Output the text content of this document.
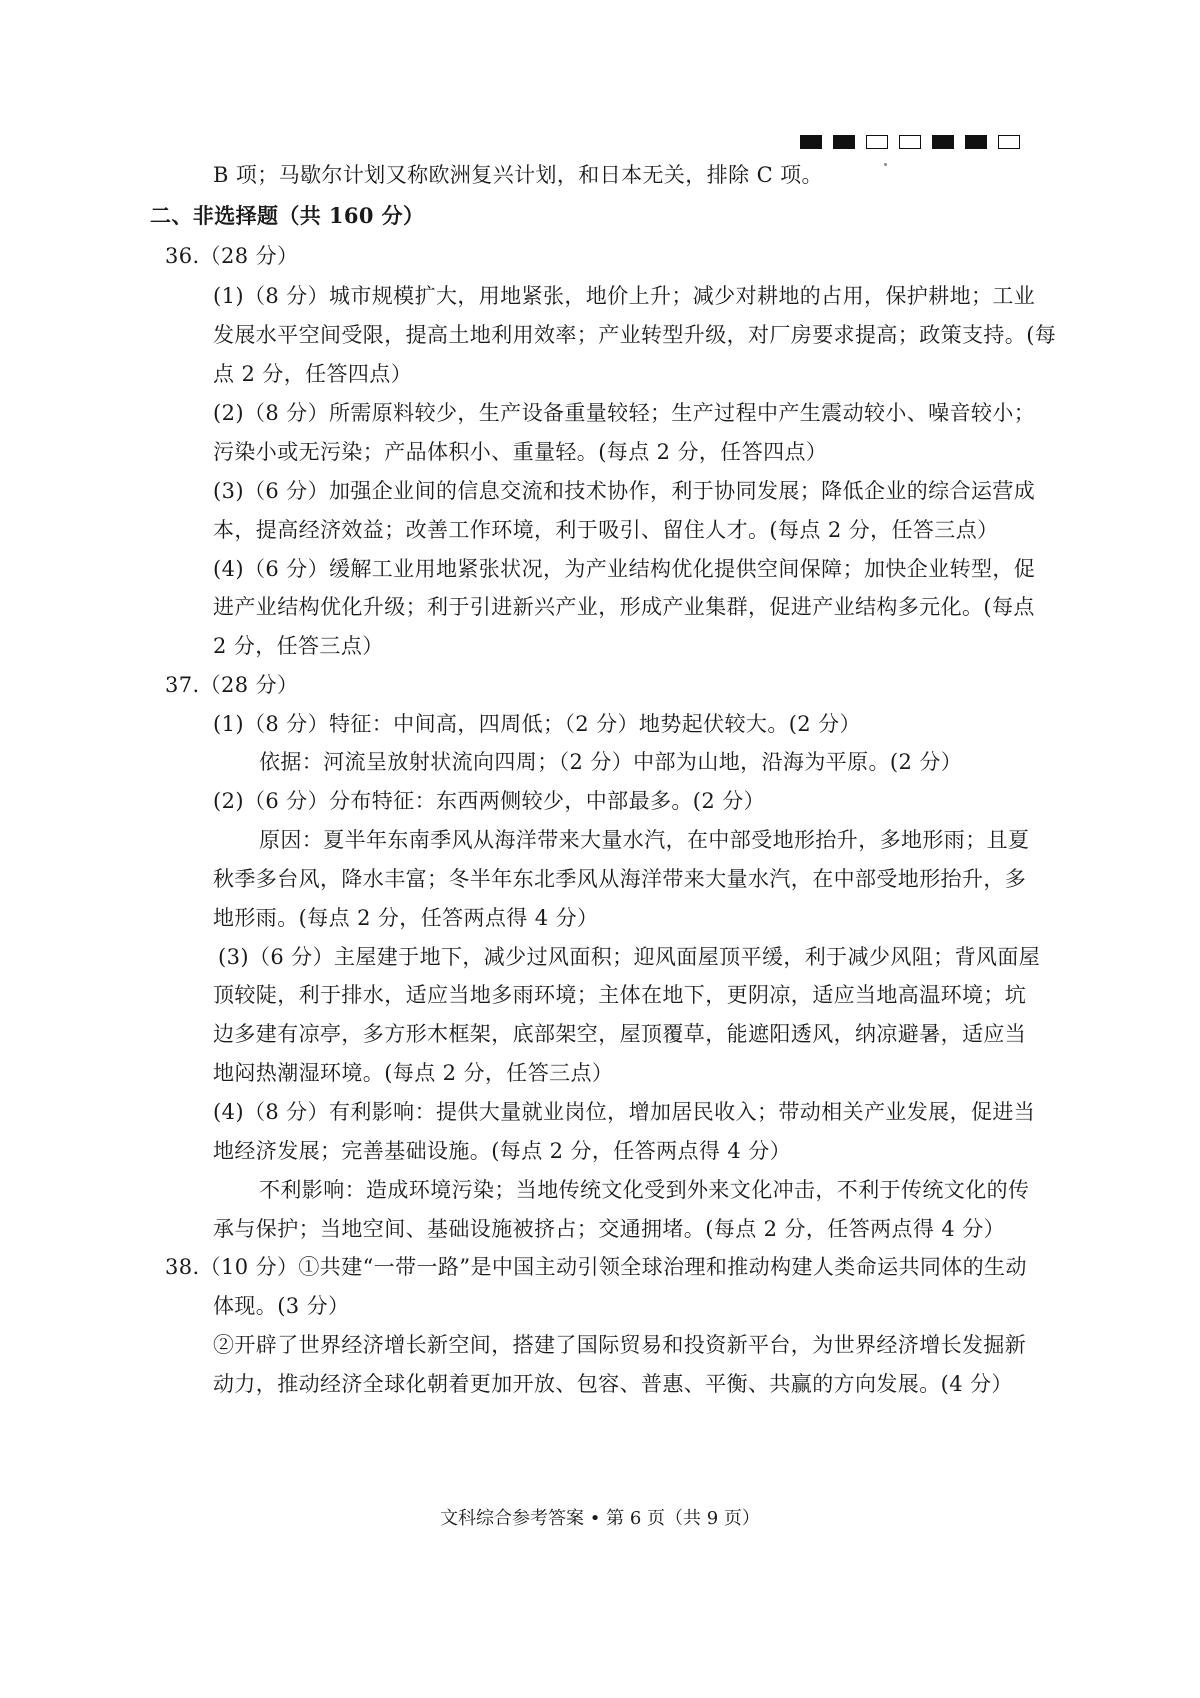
B 项；马歇尔计划又称欧洲复兴计划，和日本无关，排除 C 项。
二、非选择题（共 160 分）
36.（28 分）
(1)（8 分）城市规模扩大，用地紧张，地价上升；减少对耕地的占用，保护耕地；工业
发展水平空间受限，提高土地利用效率；产业转型升级，对厂房要求提高；政策支持。(每
点 2 分，任答四点）
(2)（8 分）所需原料较少，生产设备重量较轻；生产过程中产生震动较小、噪音较小；
污染小或无污染；产品体积小、重量轻。(每点 2 分，任答四点）
(3)（6 分）加强企业间的信息交流和技术协作，利于协同发展；降低企业的综合运营成
本，提高经济效益；改善工作环境，利于吸引、留住人才。(每点 2 分，任答三点）
(4)（6 分）缓解工业用地紧张状况，为产业结构优化提供空间保障；加快企业转型，促
进产业结构优化升级；利于引进新兴产业，形成产业集群，促进产业结构多元化。(每点
2 分，任答三点）
37.（28 分）
(1)（8 分）特征：中间高，四周低；（2 分）地势起伏较大。(2 分）
依据：河流呈放射状流向四周；（2 分）中部为山地，沿海为平原。(2 分）
(2)（6 分）分布特征：东西两侧较少，中部最多。(2 分）
原因：夏半年东南季风从海洋带来大量水汽，在中部受地形抬升，多地形雨；且夏
秋季多台风，降水丰富；冬半年东北季风从海洋带来大量水汽，在中部受地形抬升，多
地形雨。(每点 2 分，任答两点得 4 分）
(3)（6 分）主屋建于地下，减少过风面积；迎风面屋顶平缓，利于减少风阻；背风面屋
顶较陡，利于排水，适应当地多雨环境；主体在地下，更阴凉，适应当地高温环境；坑
边多建有凉亭，多方形木框架，底部架空，屋顶覆草，能遮阳透风，纳凉避暑，适应当
地闷热潮湿环境。(每点 2 分，任答三点）
(4)（8 分）有利影响：提供大量就业岗位，增加居民收入；带动相关产业发展，促进当
地经济发展；完善基础设施。(每点 2 分，任答两点得 4 分）
不利影响：造成环境污染；当地传统文化受到外来文化冲击，不利于传统文化的传
承与保护；当地空间、基础设施被挤占；交通拥堵。(每点 2 分，任答两点得 4 分）
38.（10 分）①共建“一带一路”是中国主动引领全球治理和推动构建人类命运共同体的生动
体现。(3 分）
②开辟了世界经济增长新空间，搭建了国际贸易和投资新平台，为世界经济增长发掘新
动力，推动经济全球化朝着更加开放、包容、普惠、平衡、共赢的方向发展。(4 分）
文科综合参考答案 • 第 6 页（共 9 页）
